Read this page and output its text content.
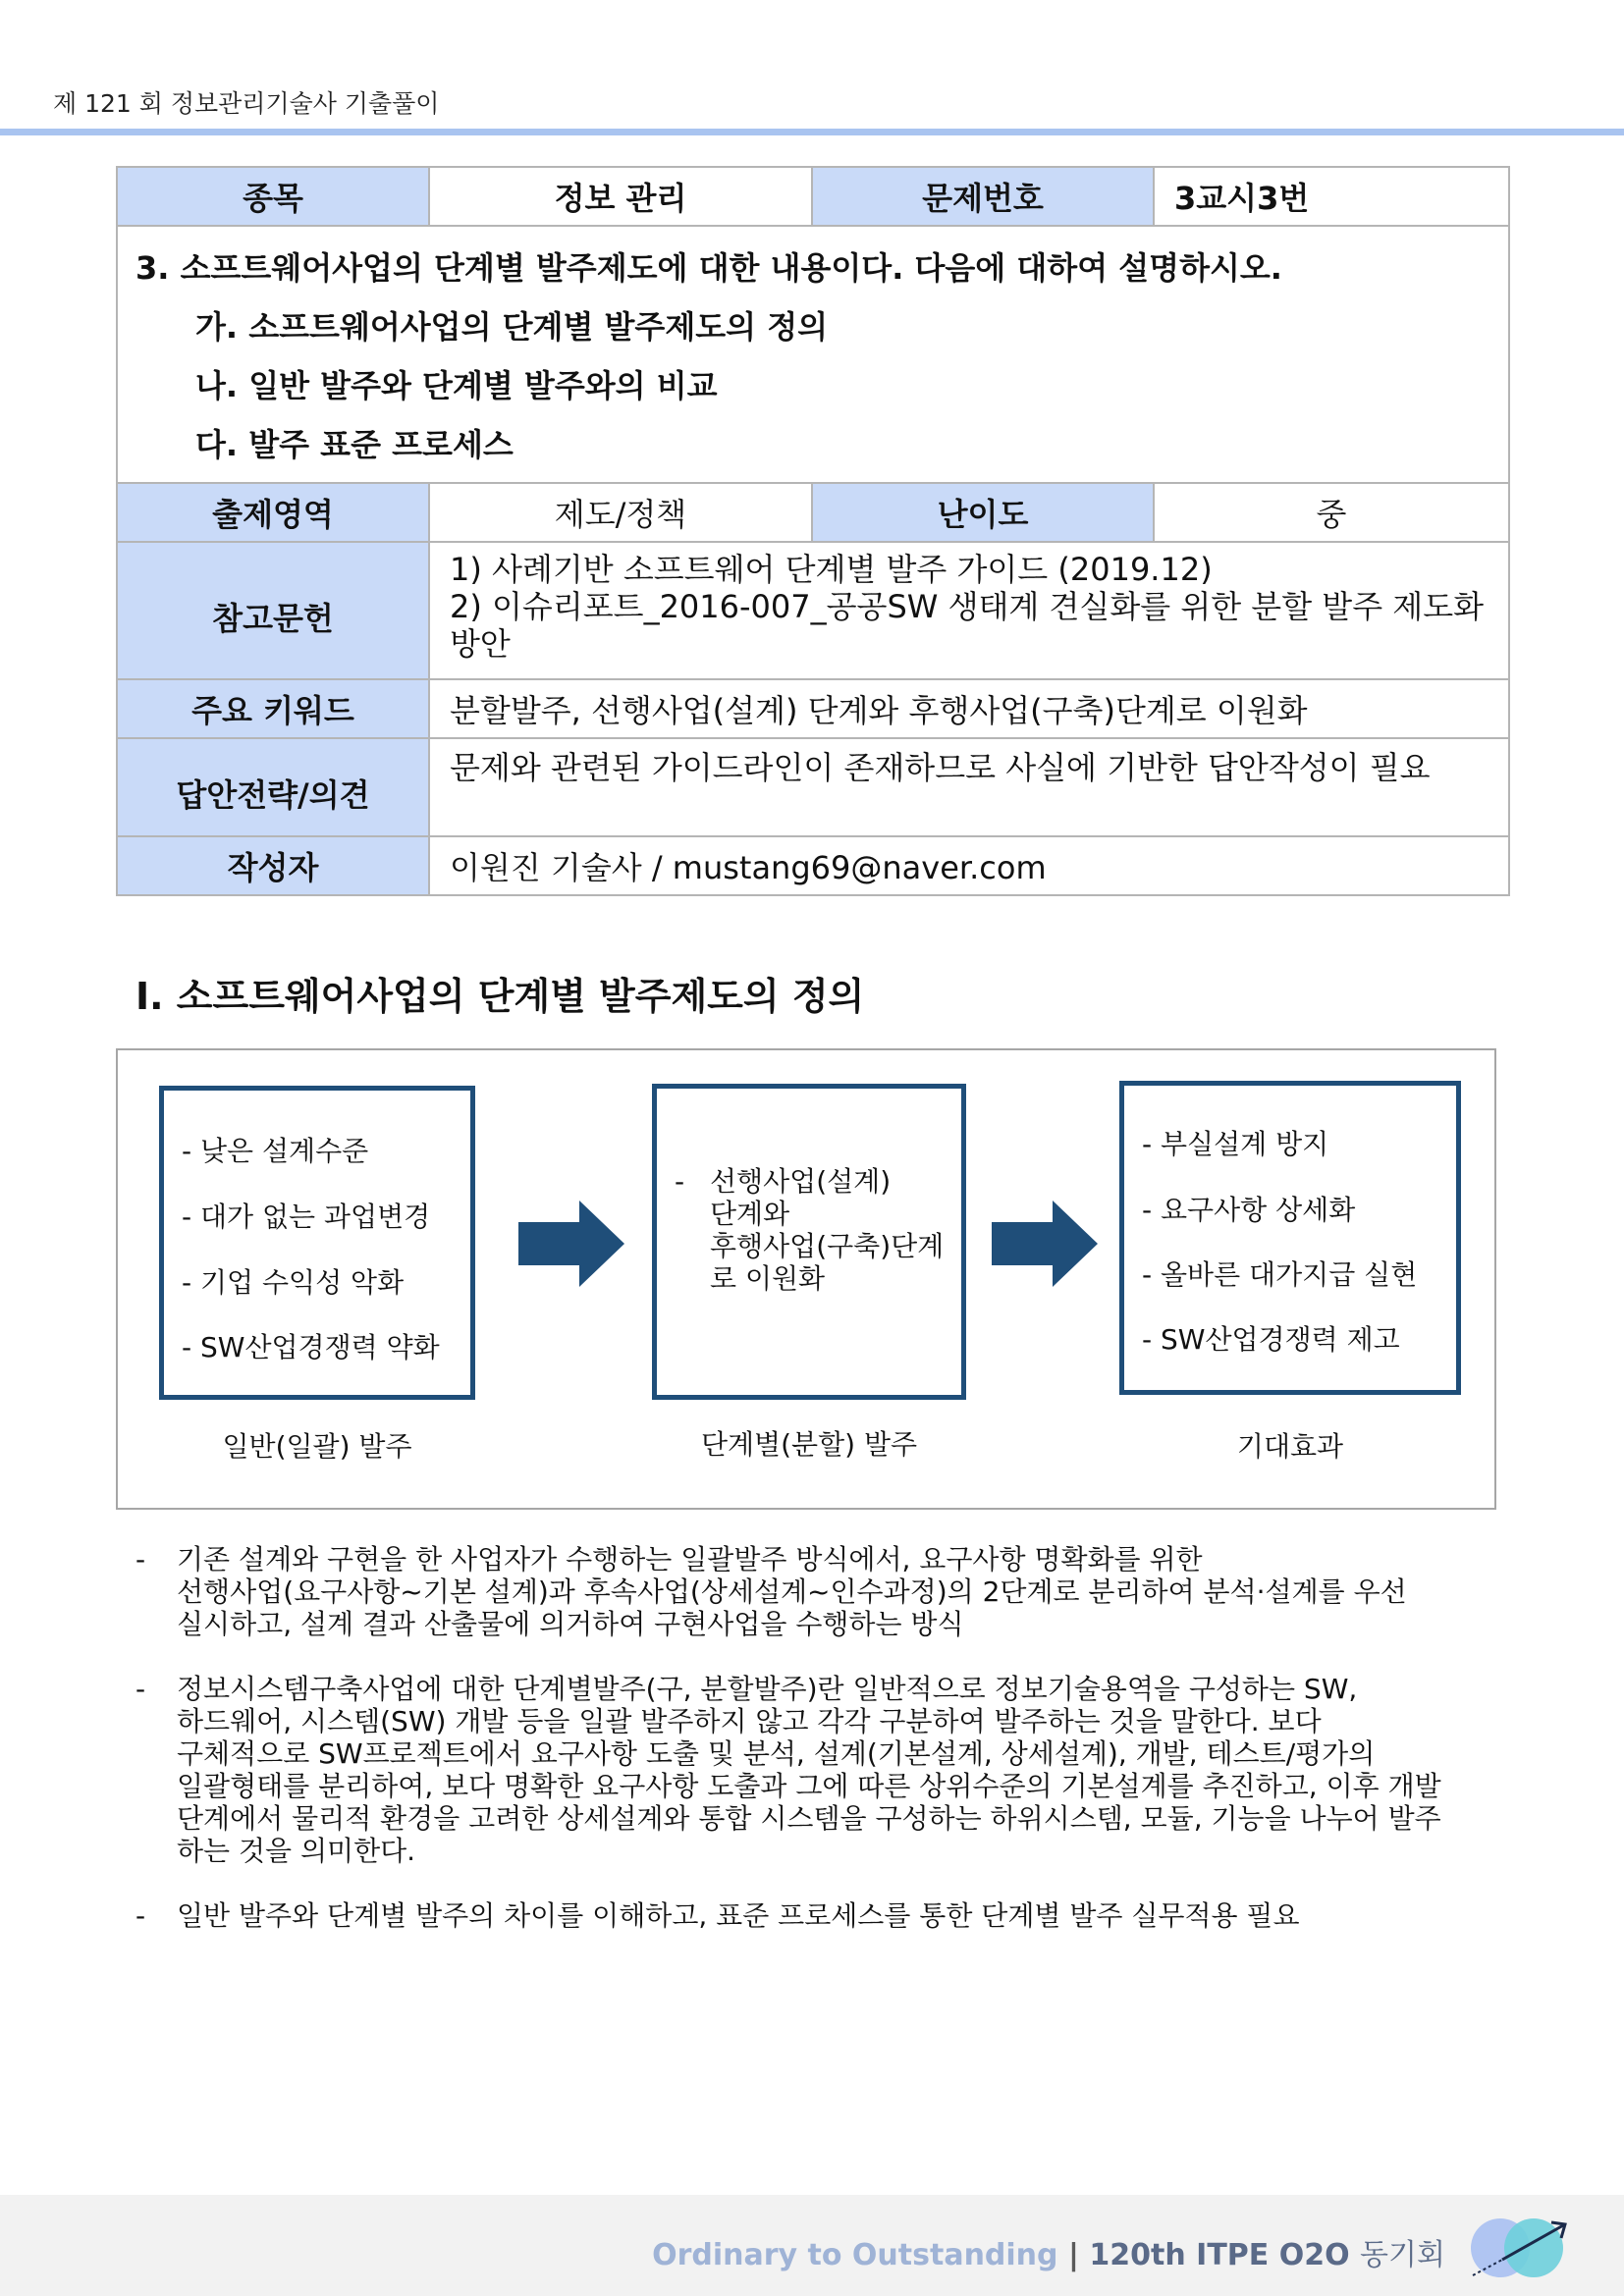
제 121 회 정보관리기술사 기출풀이
종목	정보 관리	문제번호	3교시3번

3. 소프트웨어사업의 단계별 발주제도에 대한 내용이다. 다음에 대하여 설명하시오.
가. 소프트웨어사업의 단계별 발주제도의 정의
나. 일반 발주와 단계별 발주와의 비교
다. 발주 표준 프로세스			

출제영역	제도/정책	난이도	중
참고문헌	1) 사례기반 소프트웨어 단계별 발주 가이드 (2019.12)
2) 이슈리포트_2016-007_공공SW 생태계 견실화를 위한 분할 발주 제도화 방안		

주요 키워드	분할발주, 선행사업(설계) 단계와 후행사업(구축)단계로 이원화		
답안전략/의견	문제와 관련된 가이드라인이 존재하므로 사실에 기반한 답안작성이 필요		
작성자	이원진 기술사 / mustang69@naver.com		
I. 소프트웨어사업의 단계별 발주제도의 정의
- 낮은 설계수준
- 대가 없는 과업변경
- 기업 수익성 악화
- SW산업경쟁력 약화
일반(일괄) 발주
- 선행사업(설계)
단계와
후행사업(구축)단계
로 이원화
단계별(분할) 발주
- 부실설계 방지
- 요구사항 상세화
- 올바른 대가지급 실현
- SW산업경쟁력 제고
기대효과
- 기존 설계와 구현을 한 사업자가 수행하는 일괄발주 방식에서, 요구사항 명확화를 위한
선행사업(요구사항~기본 설계)과 후속사업(상세설계~인수과정)의 2단계로 분리하여 분석·설계를 우선
실시하고, 설계 결과 산출물에 의거하여 구현사업을 수행하는 방식
- 정보시스템구축사업에 대한 단계별발주(구, 분할발주)란 일반적으로 정보기술용역을 구성하는 SW,
하드웨어, 시스템(SW) 개발 등을 일괄 발주하지 않고 각각 구분하여 발주하는 것을 말한다. 보다
구체적으로 SW프로젝트에서 요구사항 도출 및 분석, 설계(기본설계, 상세설계), 개발, 테스트/평가의
일괄형태를 분리하여, 보다 명확한 요구사항 도출과 그에 따른 상위수준의 기본설계를 추진하고, 이후 개발
단계에서 물리적 환경을 고려한 상세설계와 통합 시스템을 구성하는 하위시스템, 모듈, 기능을 나누어 발주
하는 것을 의미한다.
- 일반 발주와 단계별 발주의 차이를 이해하고, 표준 프로세스를 통한 단계별 발주 실무적용 필요
Ordinary to Outstanding | 120th ITPE O2O 동기회
